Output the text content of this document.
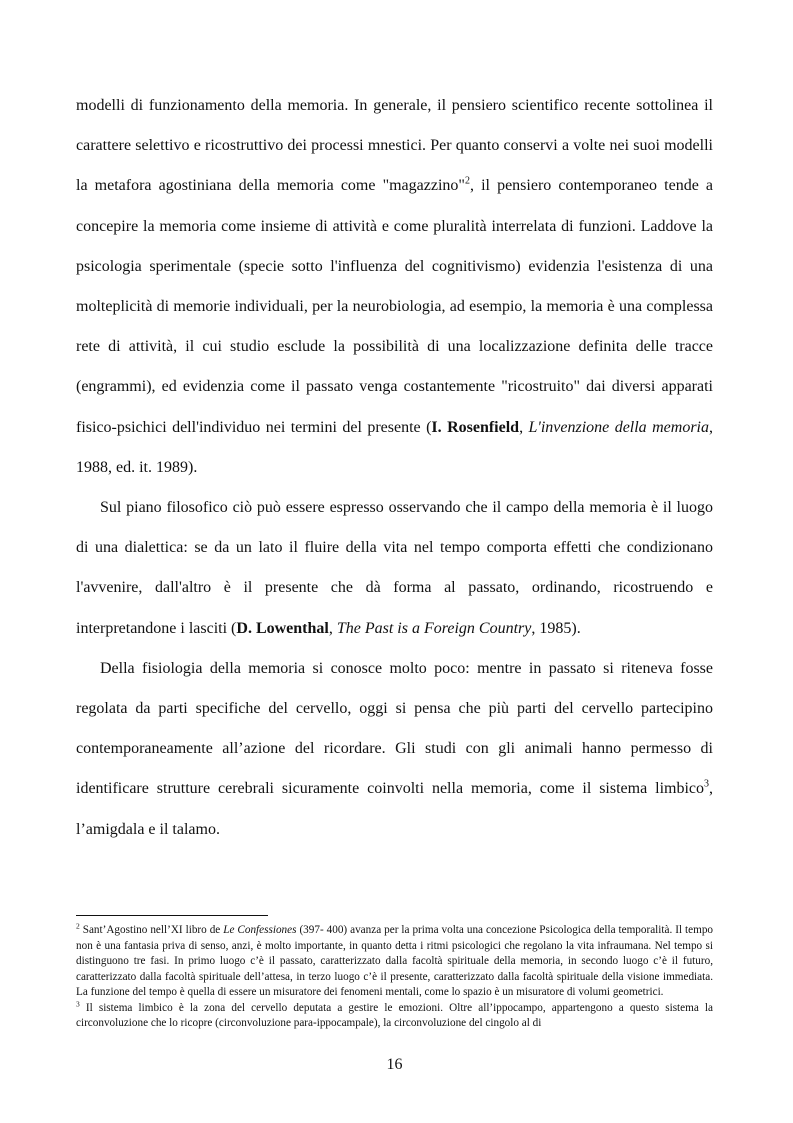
modelli di funzionamento della memoria. In generale, il pensiero scientifico recente sottolinea il carattere selettivo e ricostruttivo dei processi mnestici. Per quanto conservi a volte nei suoi modelli la metafora agostiniana della memoria come "magazzino"$^2$, il pensiero contemporaneo tende a concepire la memoria come insieme di attività e come pluralità interrelata di funzioni. Laddove la psicologia sperimentale (specie sotto l'influenza del cognitivismo) evidenzia l'esistenza di una molteplicità di memorie individuali, per la neurobiologia, ad esempio, la memoria è una complessa rete di attività, il cui studio esclude la possibilità di una localizzazione definita delle tracce (engrammi), ed evidenzia come il passato venga costantemente "ricostruito" dai diversi apparati fisico-psichici dell'individuo nei termini del presente (I. Rosenfield, L'invenzione della memoria, 1988, ed. it. 1989).

Sul piano filosofico ciò può essere espresso osservando che il campo della memoria è il luogo di una dialettica: se da un lato il fluire della vita nel tempo comporta effetti che condizionano l'avvenire, dall'altro è il presente che dà forma al passato, ordinando, ricostruendo e interpretandone i lasciti (D. Lowenthal, The Past is a Foreign Country, 1985).

Della fisiologia della memoria si conosce molto poco: mentre in passato si riteneva fosse regolata da parti specifiche del cervello, oggi si pensa che più parti del cervello partecipino contemporaneamente all’azione del ricordare. Gli studi con gli animali hanno permesso di identificare strutture cerebrali sicuramente coinvolti nella memoria, come il sistema limbico$^3$, l’amigdala e il talamo.

$^2$ Sant’Agostino nell’XI libro de Le Confessiones (397- 400) avanza per la prima volta una concezione Psicologica della temporalità. Il tempo non è una fantasia priva di senso, anzi, è molto importante, in quanto detta i ritmi psicologici che regolano la vita infraumana. Nel tempo si distinguono tre fasi. In primo luogo c’è il passato, caratterizzato dalla facoltà spirituale della memoria, in secondo luogo c’è il futuro, caratterizzato dalla facoltà spirituale dell’attesa, in terzo luogo c’è il presente, caratterizzato dalla facoltà spirituale della visione immediata. La funzione del tempo è quella di essere un misuratore dei fenomeni mentali, come lo spazio è un misuratore di volumi geometrici.

$^3$ Il sistema limbico è la zona del cervello deputata a gestire le emozioni. Oltre all’ippocampo, appartengono a questo sistema la circonvoluzione che lo ricopre (circonvoluzione para-ippocampale), la circonvoluzione del cingolo al di

16
